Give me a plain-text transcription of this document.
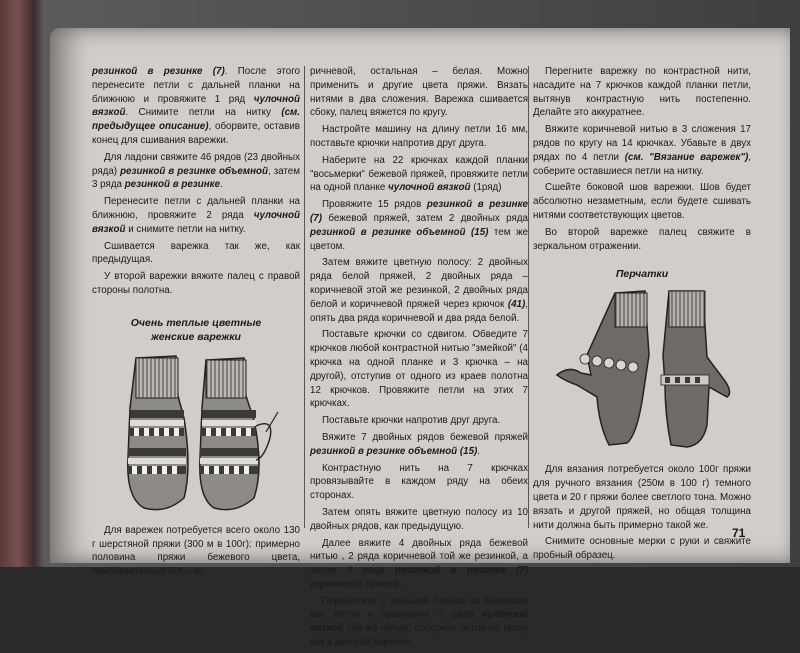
резинкой в резинке (7). После этого перенесите петли с дальней планки на ближнюю и провяжите 1 ряд чулочной вязкой. Снимите петли на нитку (см. предыдущее описание), оборвите, оставив конец для сшивания варежки.

Для ладони свяжите 46 рядов (23 двойных ряда) резинкой в резинке объемной, затем 3 ряда резинкой в резинке.

Перенесите петли с дальней планки на ближнюю, провяжите 2 ряда чулочной вязкой и снимите петли на нитку.

Сшивается варежка так же, как предыдущая.

У второй варежки вяжите палец с правой стороны полотна.

Очень теплые цветные женские варежки

Для варежек потребуется всего около 130 г шерстяной пряжи (300 м в 100г): примерно половина пряжи бежевого цвета, приблизительно 50г – ко-

ричневой, остальная – белая. Можно применить и другие цвета пряжи. Вязать нитями в два сложения. Варежка сшивается сбоку, палец вяжется по кругу.

Настройте машину на длину петли 16 мм, поставьте крючки напротив друг друга.

Наберите на 22 крючках каждой планки "восьмерки" бежевой пряжей, провяжите петли на одной планке чулочной вязкой (1ряд)

Провяжите 15 рядов резинкой в резинке (7) бежевой пряжей, затем 2 двойных ряда резинкой в резинке объемной (15) тем же цветом.

Затем вяжите цветную полосу: 2 двойных ряда белой пряжей, 2 двойных ряда – коричневой этой же резинкой, 2 двойных ряда белой и коричневой пряжей через крючок (41), опять два ряда коричневой и два ряда белой.

Поставьте крючки со сдвигом. Обведите 7 крючков любой контрастной нитью "змейкой" (4 крючка на одной планке и 3 крючка – на другой), отступив от одного из краев полотна 12 крючков. Провяжите петли на этих 7 крючках.

Поставьте крючки напротив друг друга.

Вяжите 7 двойных рядов бежевой пряжей резинкой в резинке объемной (15).

Контрастную нить на 7 крючках провязывайте в каждом ряду на обеих сторонах.

Затем опять вяжите цветную полосу из 10 двойных рядов, как предыдущую.

Далее вяжите 4 двойных ряда бежевой нитью , 2 ряда коричневой той же резинкой, а затем 4 ряда резинкой в резинке (7) коричневой пряжей.

Перенесите с дальней планки на ближнюю все петли и провяжите 3 ряда чулочной вязкой той же нитью, соберите петли на нитку как в детской варежке.

Перегните варежку по контрастной нити, насадите на 7 крючков каждой планки петли, вытянув контрастную нить постепенно. Делайте это аккуратнее.

Вяжите коричневой нитью в 3 сложения 17 рядов по кругу на 14 крючках. Убавьте в двух рядах по 4 петли (см. "Вязание варежек"), соберите оставшиеся петли на нитку.

Сшейте боковой шов варежки. Шов будет абсолютно незаметным, если будете сшивать нитями соответствующих цветов.

Во второй варежке палец свяжите в зеркальном отражении.

Перчатки

Для вязания потребуется около 100г пряжи для ручного вязания (250м в 100 г) темного цвета и 20 г пряжи более светлого тона. Можно вязать и другой пряжей, но общая толщина нити должна быть примерно такой же.

Снимите основные мерки с руки и свяжите пробный образец.

71
